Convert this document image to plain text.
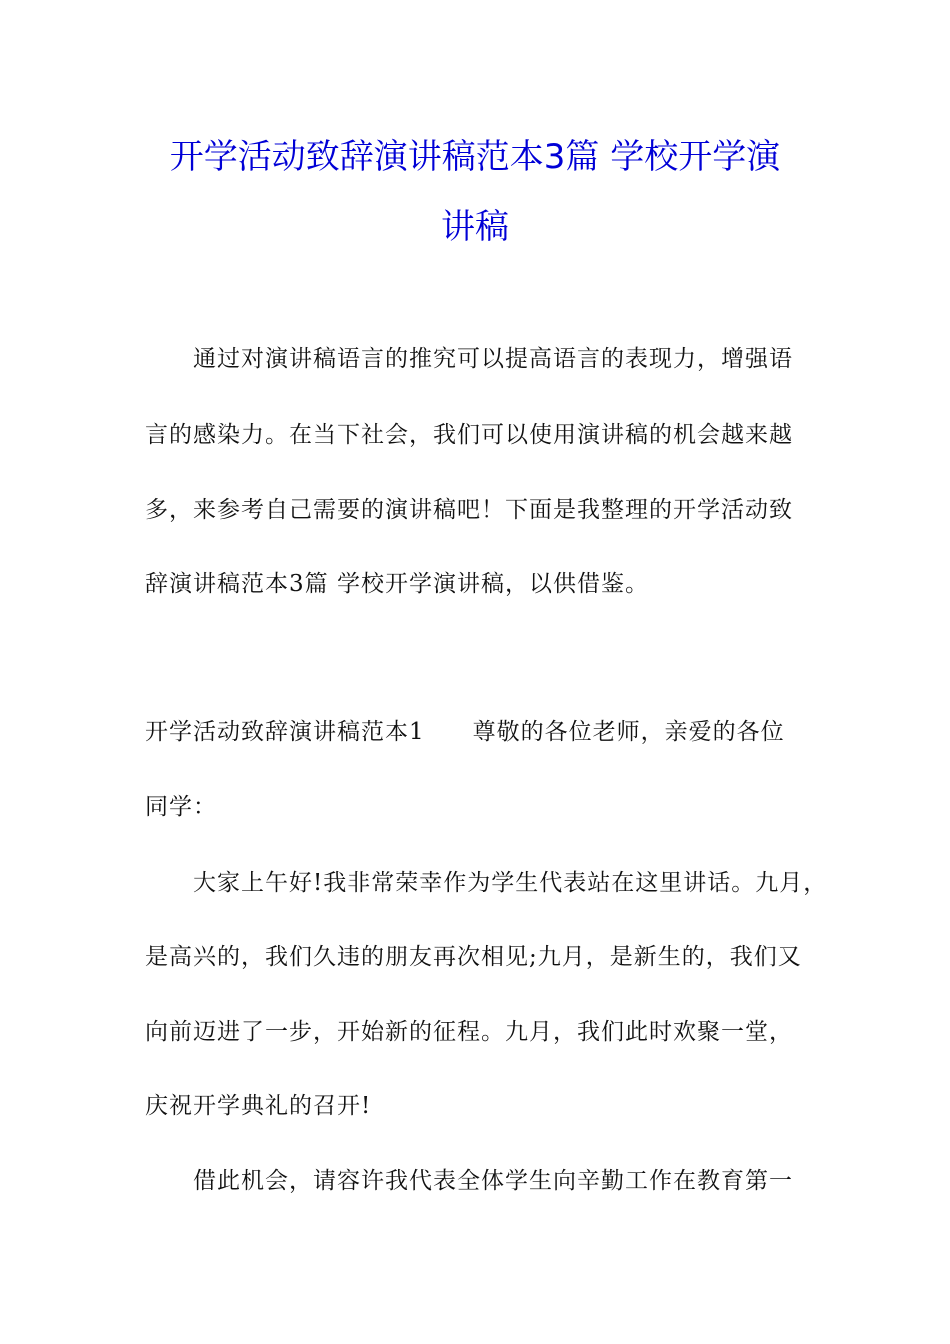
开学活动致辞演讲稿范本3篇 学校开学演
讲稿
通过对演讲稿语言的推究可以提高语言的表现力，增强语
言的感染力。在当下社会，我们可以使用演讲稿的机会越来越
多，来参考自己需要的演讲稿吧！下面是我整理的开学活动致
辞演讲稿范本3篇 学校开学演讲稿，以供借鉴。
开学活动致辞演讲稿范本1　　尊敬的各位老师，亲爱的各位
同学：
大家上午好!我非常荣幸作为学生代表站在这里讲话。九月，
是高兴的，我们久违的朋友再次相见;九月，是新生的，我们又
向前迈进了一步，开始新的征程。九月，我们此时欢聚一堂，
庆祝开学典礼的召开!
借此机会，请容许我代表全体学生向辛勤工作在教育第一
